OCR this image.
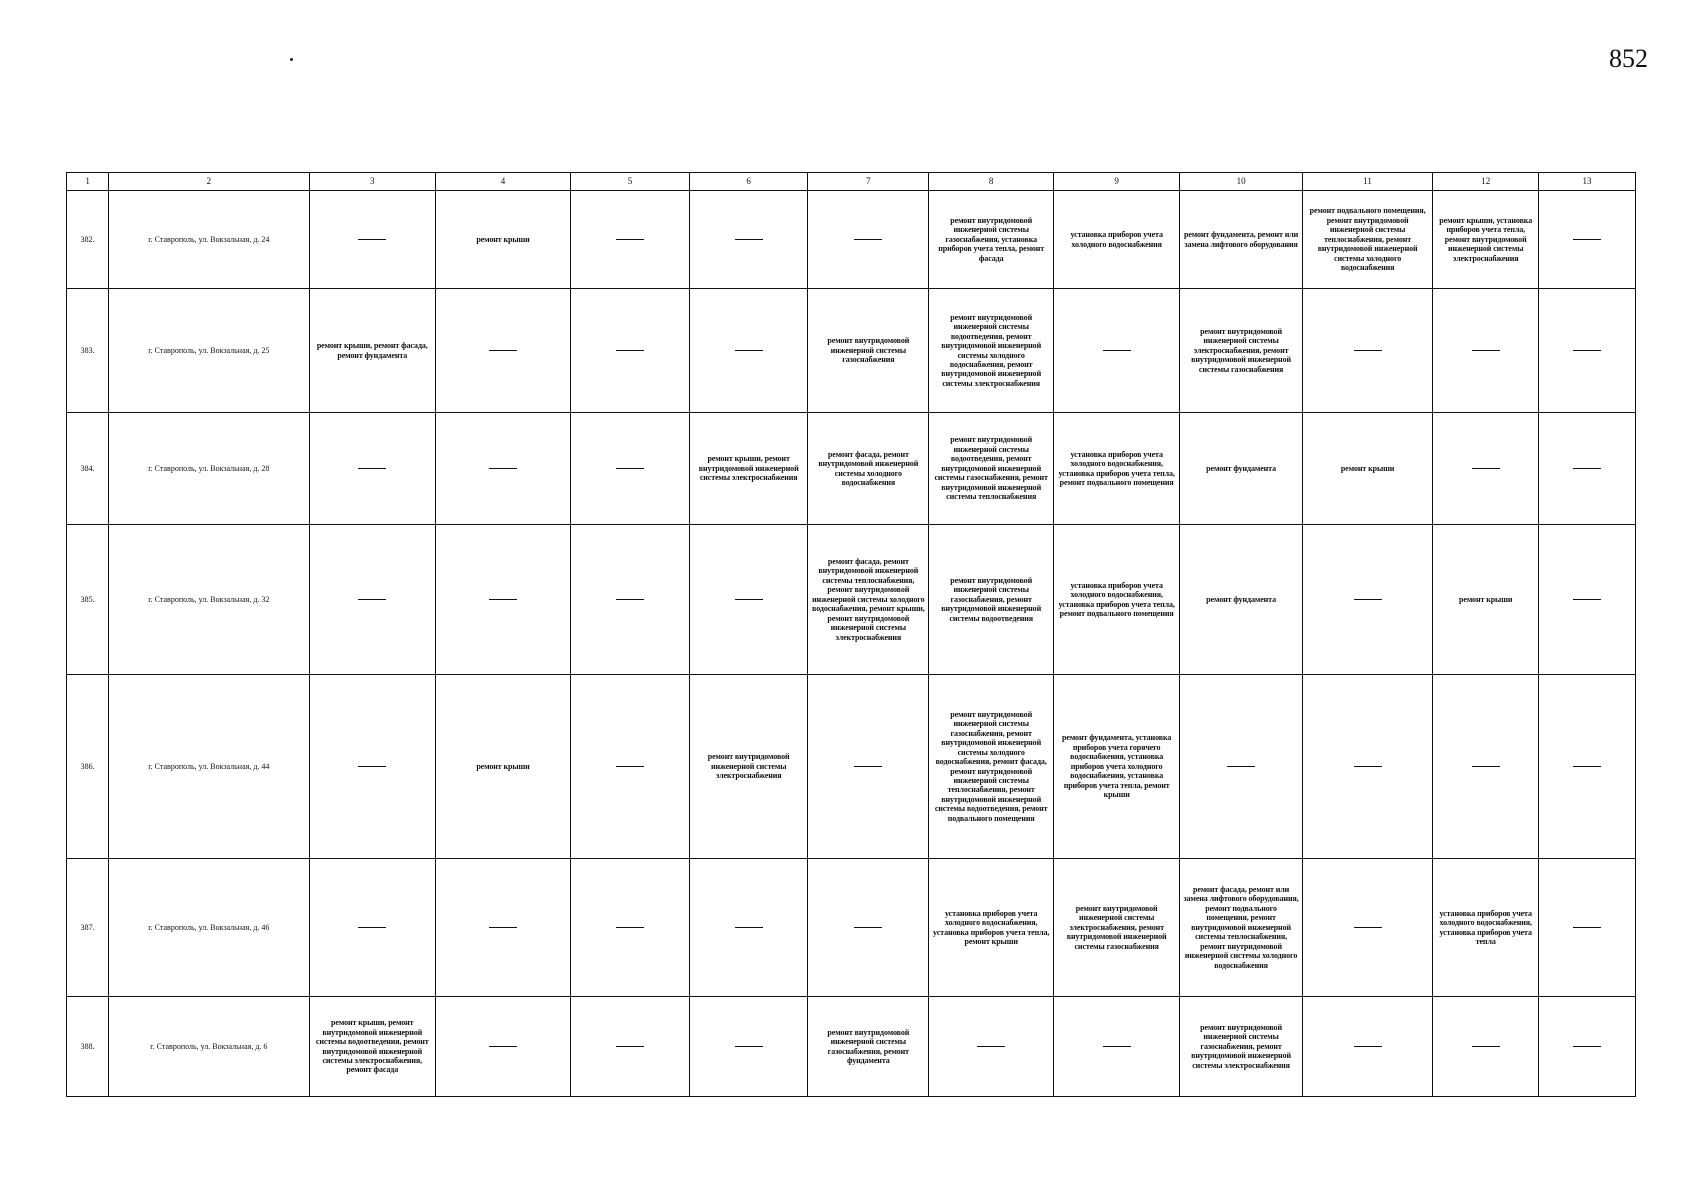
852
1	2	3	4	5	6	7	8	9	10	11	12	13
382.	г. Ставрополь, ул. Вокзальная, д. 24		ремонт крыши				ремонт внутридомовой инженерной системы газоснабжения, установка приборов учета тепла, ремонт фасада	установка приборов учета холодного водоснабжения	ремонт фундамента, ремонт или замена лифтового оборудования	ремонт подвального помещения, ремонт внутридомовой инженерной системы теплоснабжения, ремонт внутридомовой инженерной системы холодного водоснабжения	ремонт крыши, установка приборов учета тепла, ремонт внутридомовой инженерной системы электроснабжения	

383.	г. Ставрополь, ул. Вокзальная, д. 25	ремонт крыши, ремонт фасада, ремонт фундамента				ремонт внутридомовой инженерной системы газоснабжения	ремонт внутридомовой инженерной системы водоотведения, ремонт внутридомовой инженерной системы холодного водоснабжения, ремонт внутридомовой инженерной системы электроснабжения		ремонт внутридомовой инженерной системы электроснабжения, ремонт внутридомовой инженерной системы газоснабжения			

384.	г. Ставрополь, ул. Вокзальная, д. 28				ремонт крыши, ремонт внутридомовой инженерной системы электроснабжения	ремонт фасада, ремонт внутридомовой инженерной системы холодного водоснабжения	ремонт внутридомовой инженерной системы водоотведения, ремонт внутридомовой инженерной системы газоснабжения, ремонт внутридомовой инженерной системы теплоснабжения	установка приборов учета холодного водоснабжения, установка приборов учета тепла, ремонт подвального помещения	ремонт фундамента	ремонт крыши		

385.	г. Ставрополь, ул. Вокзальная, д. 32					ремонт фасада, ремонт внутридомовой инженерной системы теплоснабжения, ремонт внутридомовой инженерной системы холодного водоснабжения, ремонт крыши, ремонт внутридомовой инженерной системы электроснабжения	ремонт внутридомовой инженерной системы газоснабжения, ремонт внутридомовой инженерной системы водоотведения	установка приборов учета холодного водоснабжения, установка приборов учета тепла, ремонт подвального помещения	ремонт фундамента		ремонт крыши	

386.	г. Ставрополь, ул. Вокзальная, д. 44		ремонт крыши		ремонт внутридомовой инженерной системы электроснабжения		ремонт внутридомовой инженерной системы газоснабжения, ремонт внутридомовой инженерной системы холодного водоснабжения, ремонт фасада, ремонт внутридомовой инженерной системы теплоснабжения, ремонт внутридомовой инженерной системы водоотведения, ремонт подвального помещения	ремонт фундамента, установка приборов учета горячего водоснабжения, установка приборов учета холодного водоснабжения, установка приборов учета тепла, ремонт крыши				

387.	г. Ставрополь, ул. Вокзальная, д. 46						установка приборов учета холодного водоснабжения, установка приборов учета тепла, ремонт крыши	ремонт внутридомовой инженерной системы электроснабжения, ремонт внутридомовой инженерной системы газоснабжения	ремонт фасада, ремонт или замена лифтового оборудования, ремонт подвального помещения, ремонт внутридомовой инженерной системы теплоснабжения, ремонт внутридомовой инженерной системы холодного водоснабжения		установка приборов учета холодного водоснабжения, установка приборов учета тепла	

388.	г. Ставрополь, ул. Вокзальная, д. 6	ремонт крыши, ремонт внутридомовой инженерной системы водоотведения, ремонт внутридомовой инженерной системы электроснабжения, ремонт фасада				ремонт внутридомовой инженерной системы газоснабжения, ремонт фундамента			ремонт внутридомовой инженерной системы газоснабжения, ремонт внутридомовой инженерной системы электроснабжения			
